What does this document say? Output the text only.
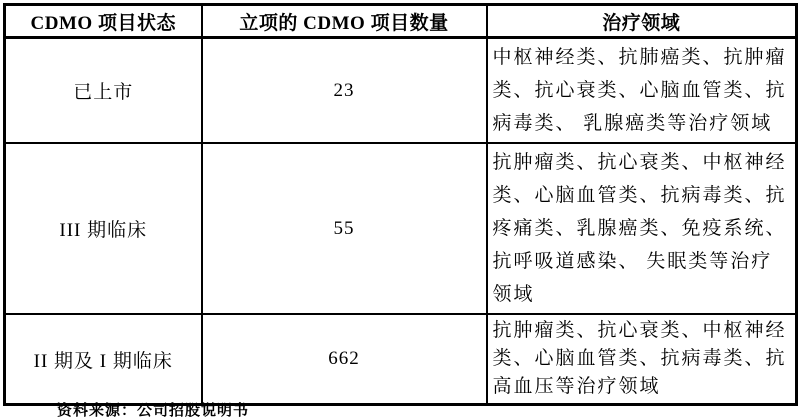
CDMO 项目状态	立项的 CDMO 项目数量	治疗领域
已上市	23	中枢神经类、抗肺癌类、抗肿瘤
类、抗心衰类、心脑血管类、抗
病毒类、 乳腺癌类等治疗领域

III 期临床	55	抗肿瘤类、抗心衰类、中枢神经
类、心脑血管类、抗病毒类、抗
疼痛类、乳腺癌类、免疫系统、
抗呼吸道感染、 失眠类等治疗
领域

II 期及 I 期临床	662	抗肿瘤类、抗心衰类、中枢神经
类、心脑血管类、抗病毒类、抗
高血压等治疗领域
资料来源：公司招股说明书
